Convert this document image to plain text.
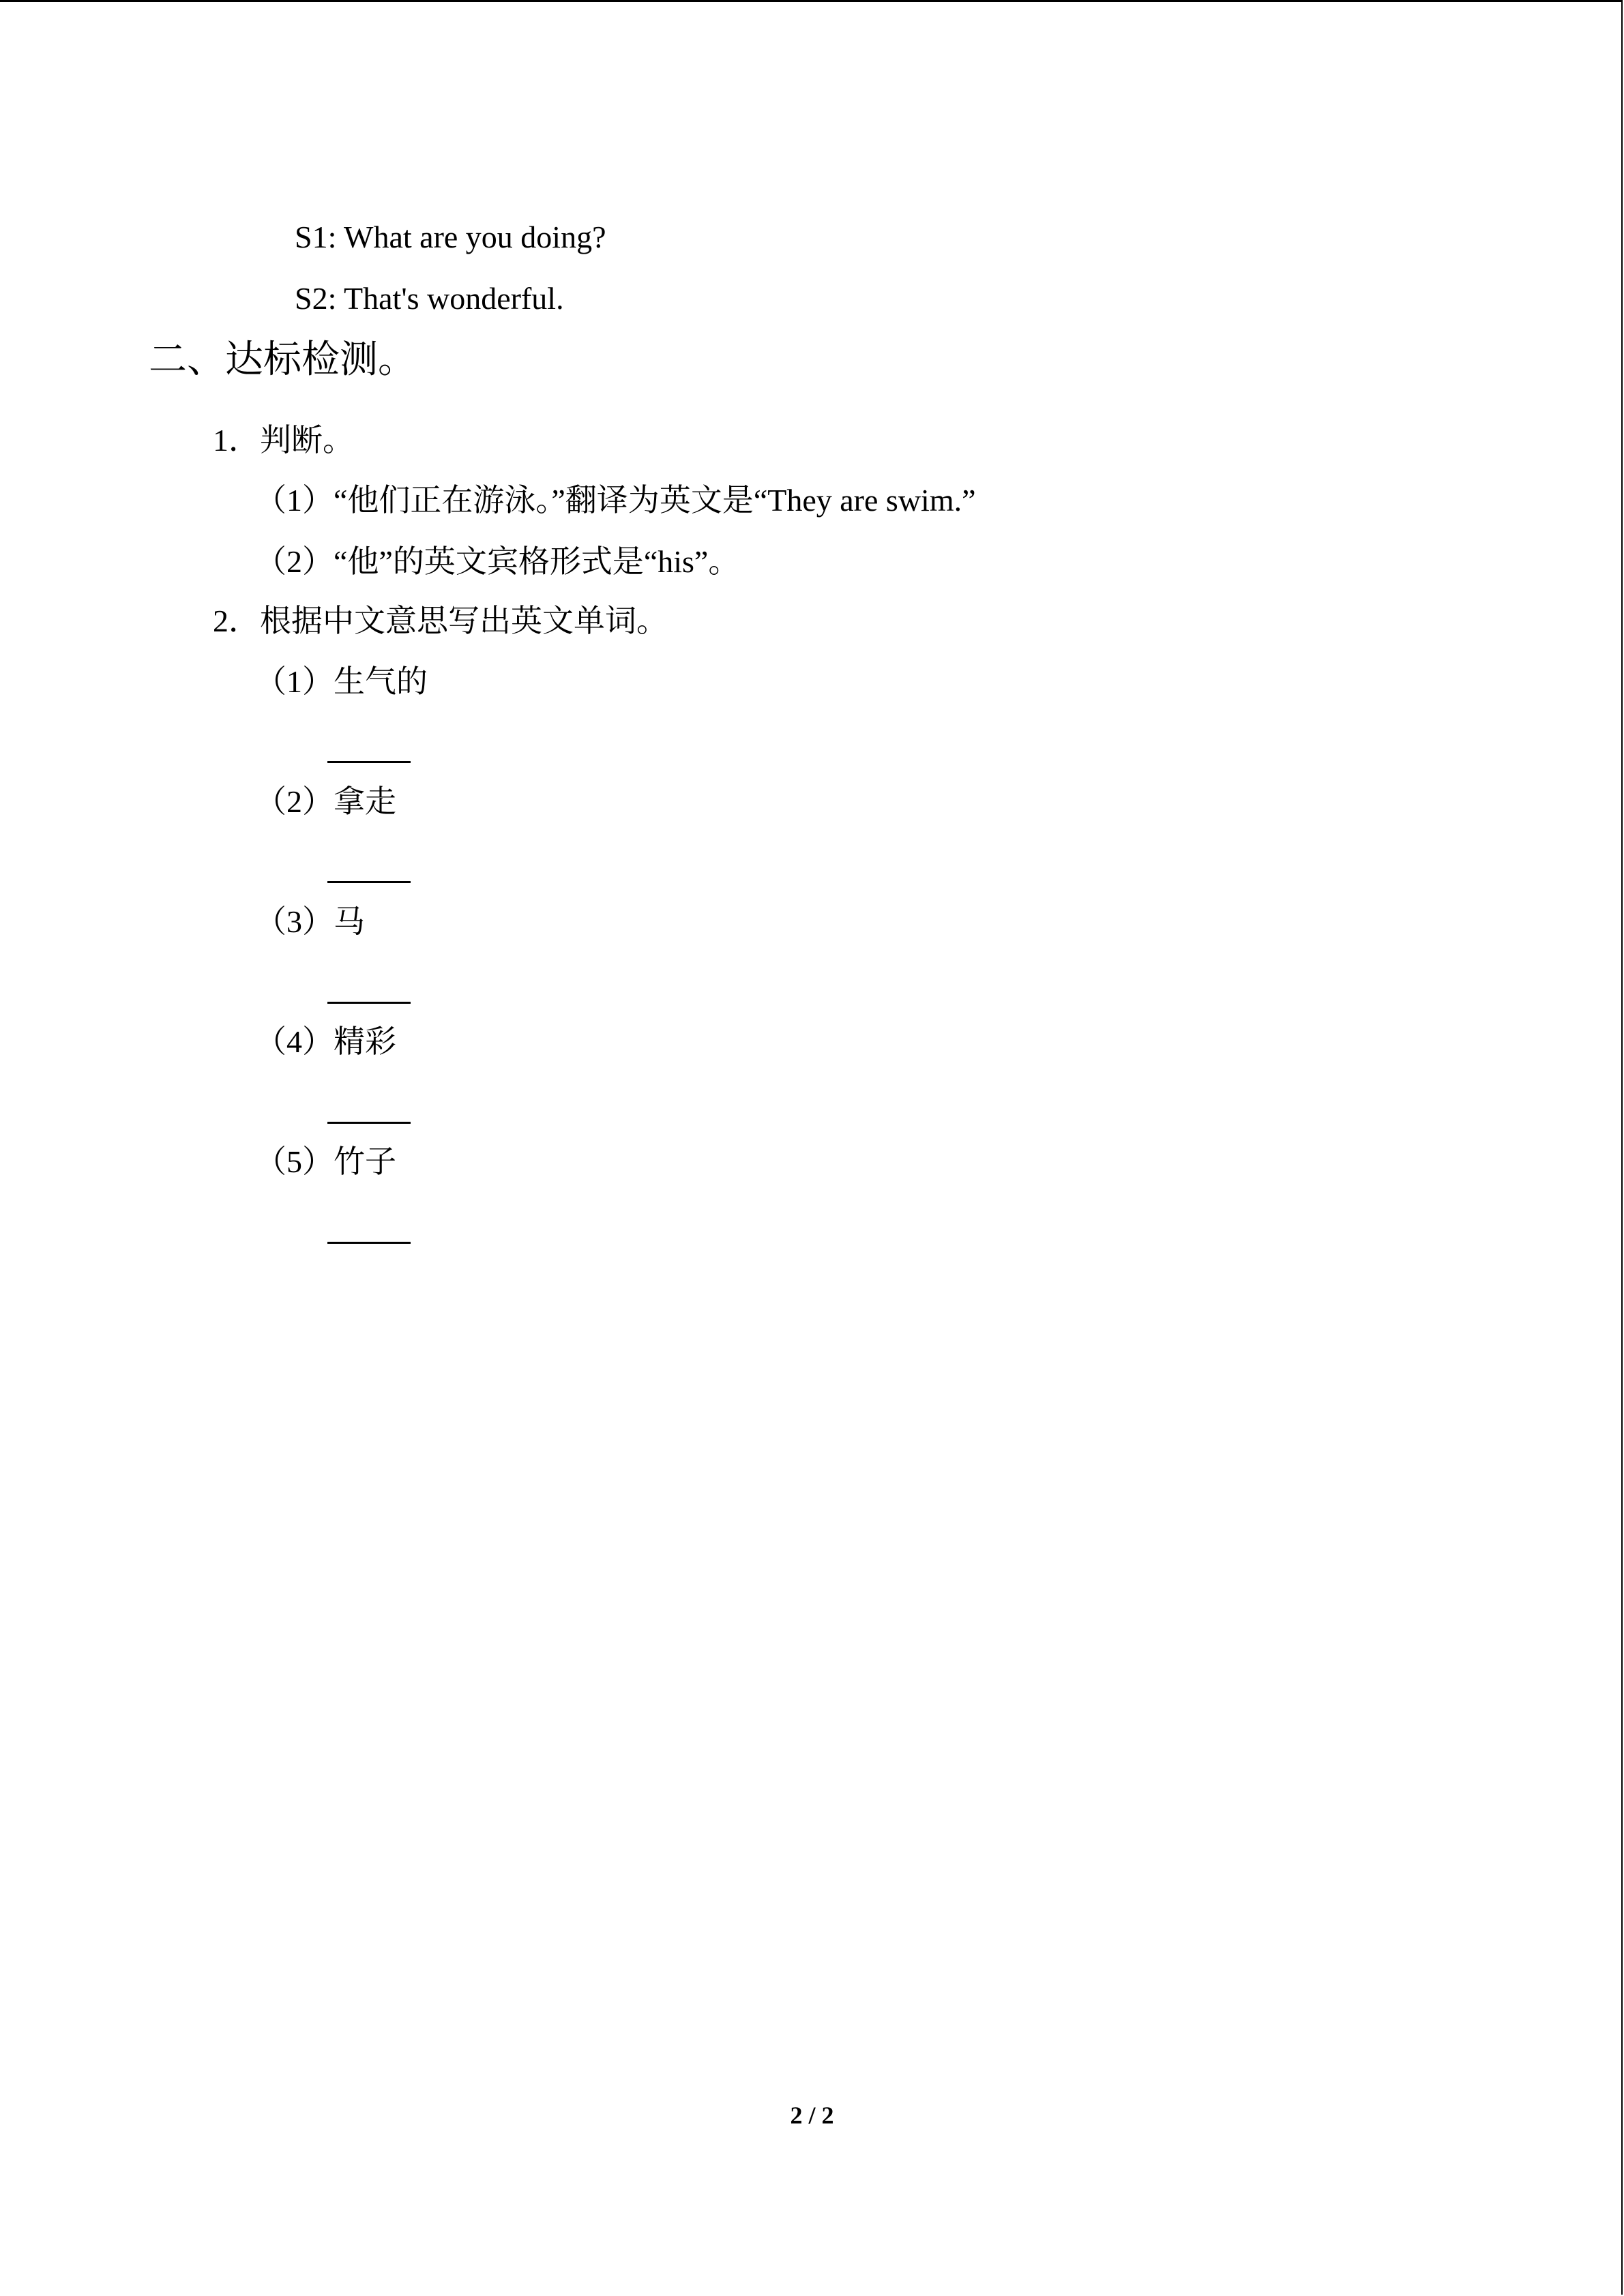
S1: What are you doing?
S2: That's wonderful.
二、达标检测。
1．判断。
（1）“他们正在游泳。”翻译为英文是“They are swim.”
（2）“他”的英文宾格形式是“his”。
2．根据中文意思写出英文单词。
（1）生气的
（2）拿走
（3）马
（4）精彩
（5）竹子
2 / 2
